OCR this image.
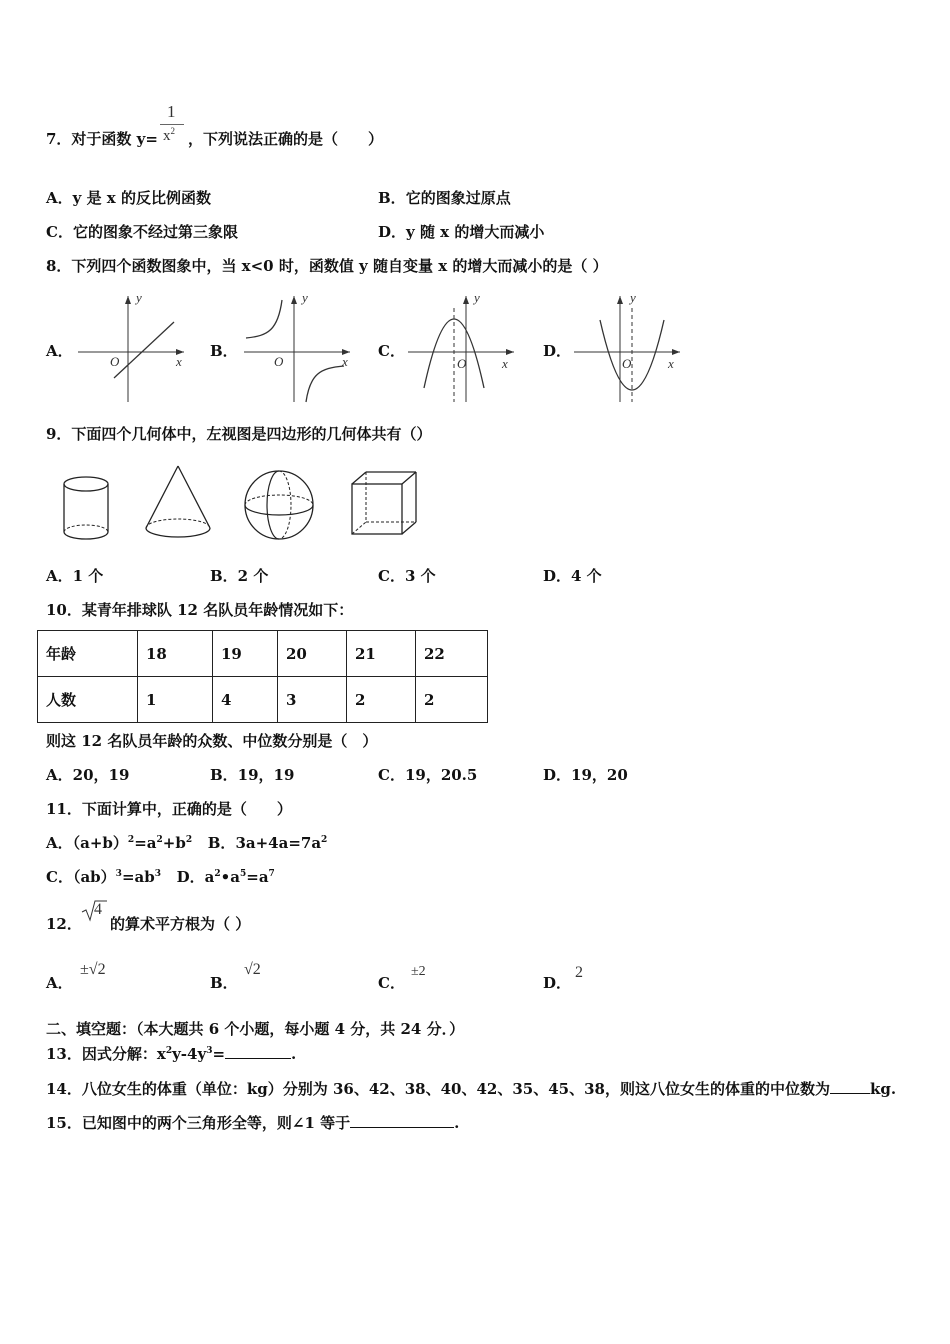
7．对于函数 y=
1
$x^2$ ，下列说法正确的是（　　）
A．y 是 x 的反比例函数	B．它的图象过原点
C．它的图象不经过第三象限	D．y 随 x 的增大而减小
8．下列四个函数图象中，当 x<0 时，函数值 y 随自变量 x 的增大而减小的是（ ）
A．
y
x
O
B．
y
x
O
C．
y
x
O
D．
y
x
O
9．下面四个几何体中，左视图是四边形的几何体共有（）
A．1 个	B．2 个	C．3 个	D．4 个
10．某青年排球队 12 名队员年龄情况如下：
年龄	18	19	20	21	22
人数	1	4	3	2	2
则这 12 名队员年龄的众数、中位数分别是（　）
A．20，19	B．19，19	C．19，20.5	D．19，20
11．下面计算中，正确的是（　　）
A．$(a+b)^2=a^2+b^2$ B．$3a+4a=7a^2$
C．$(ab)^3=ab^3$ D．$a^2•a^5=a^7$
12．
4
的算术平方根为（ ）
A．
±√2
B．
√2
C．
±2
D．
2
二、填空题：（本大题共 6 个小题，每小题 4 分，共 24 分．）
13．因式分解：$x^2y-4y^3=$	.
14．八位女生的体重（单位：kg）分别为 36、42、38、40、42、35、45、38，则这八位女生的体重的中位数为	kg.
15．已知图中的两个三角形全等，则∠1 等于	.
